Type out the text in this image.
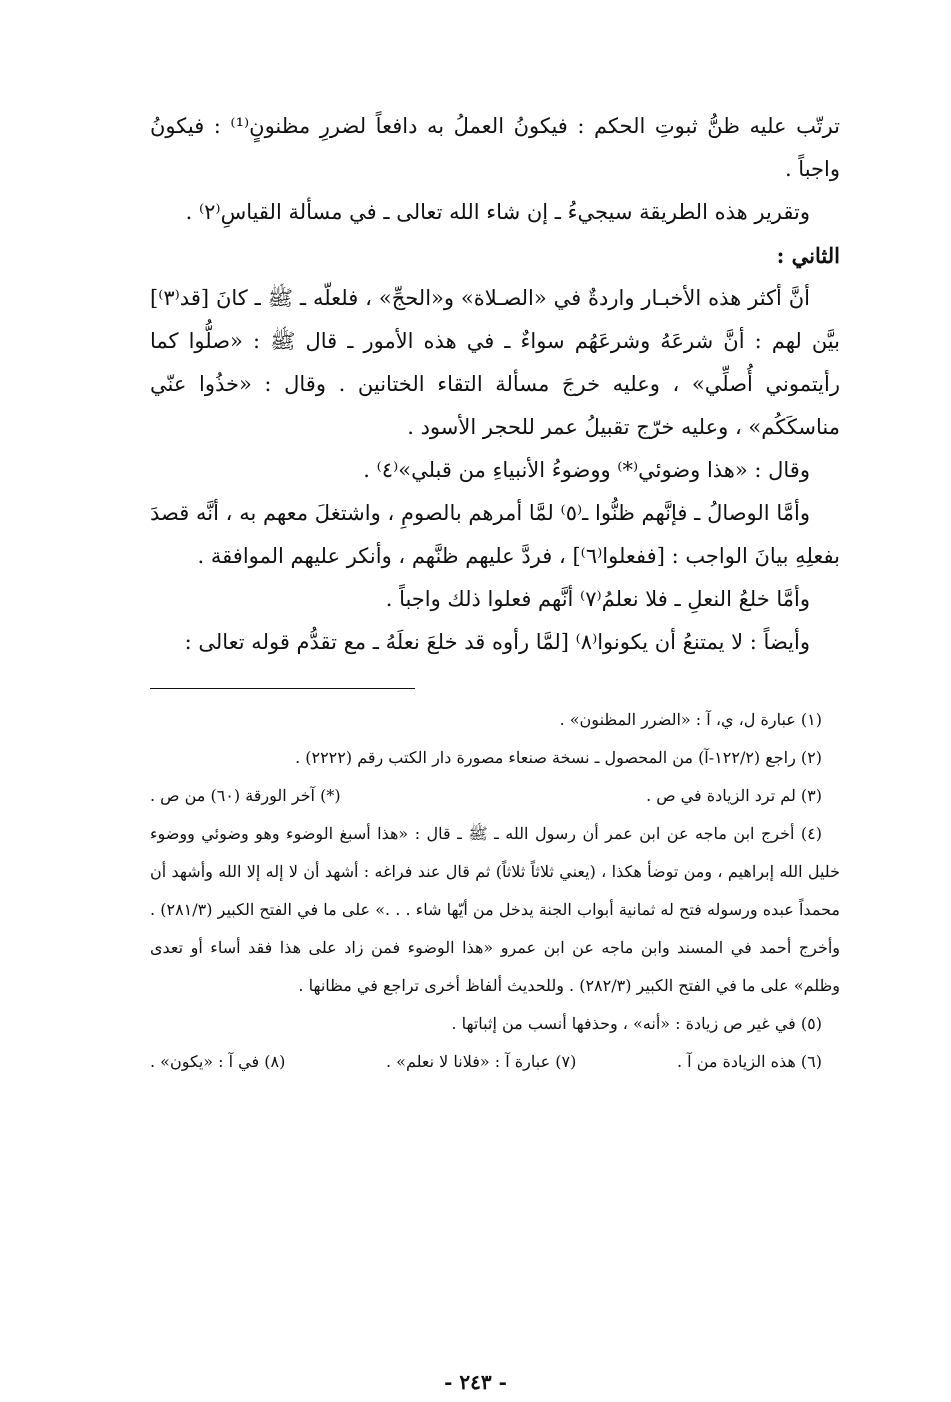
ترتّب عليه ظنُّ ثبوتِ الحكم : فيكونُ العملُ به دافعاً لضررِ مظنونٍ⁽¹⁾ : فيكونُ واجباً .

وتقرير هذه الطريقة سيجيءُ ـ إن شاء الله تعالى ـ في مسألة القياسِ⁽٢⁾ .

الثاني :

أنَّ أكثر هذه الأخبـار واردةٌ في «الصـلاة» و«الحجِّ» ، فلعلّه ـ ﷺ ـ كانَ [قد⁽٣⁾] بيَّن لهم : أنَّ شرعَهُ وشرعَهُم سواءٌ ـ في هذه الأمور ـ قال ﷺ : «صلُّوا كما رأيتموني أُصلِّي» ، وعليه خرجَ مسألة التقاء الختانين . وقال : «خذُوا عنّي مناسكَكُم» ، وعليه خرّج تقبيلُ عمر للحجر الأسود .

وقال : «هذا وضوئي⁽*⁾ ووضوءُ الأنبياءِ من قبلي»⁽٤⁾ .

وأمَّا الوصالُ ـ فإنَّهم ظنُّوا ـ⁽٥⁾ لمَّا أمرهم بالصومِ ، واشتغلَ معهم به ، أنَّه قصدَ بفعلِهِ بيانَ الواجب : [ففعلوا⁽٦⁾] ، فردَّ عليهم ظنَّهم ، وأنكر عليهم الموافقة .

وأمَّا خلعُ النعلِ ـ فلا نعلمُ⁽٧⁾ أنَّهم فعلوا ذلك واجباً .

وأيضاً : لا يمتنعُ أن يكونوا⁽٨⁾ [لمَّا رأوه قد خلعَ نعلَهُ ـ مع تقدُّم قوله تعالى :

(١) عبارة ل، ي، آ : «الضرر المظنون» .

(٢) راجع (١٢٢/٢-آ) من المحصول ـ نسخة صنعاء مصورة دار الكتب رقم (٢٢٢٢) .

(٣) لم ترد الزيادة في ص .
(*) آخر الورقة (٦٠) من ص .

(٤) أخرج ابن ماجه عن ابن عمر أن رسول الله ـ ﷺ ـ قال : «هذا أسبغ الوضوء وهو وضوئي ووضوء خليل الله إبراهيم ، ومن توضأ هكذا ، (يعني ثلاثاً ثلاثاً) ثم قال عند فراغه : أشهد أن لا إله إلا الله وأشهد أن محمداً عبده ورسوله فتح له ثمانية أبواب الجنة يدخل من أيّها شاء . . .» على ما في الفتح الكبير (٢٨١/٣) . وأخرج أحمد في المسند وابن ماجه عن ابن عمرو «هذا الوضوء فمن زاد على هذا فقد أساء أو تعدى وظلم» على ما في الفتح الكبير (٢٨٢/٣) . وللحديث ألفاظ أخرى تراجع في مظانها .

(٥) في غير ص زيادة : «أنه» ، وحذفها أنسب من إثباتها .

(٦) هذه الزيادة من آ .
(٧) عبارة آ : «فلانا لا نعلم» .
(٨) في آ : «يكون» .
- ٢٤٣ -
